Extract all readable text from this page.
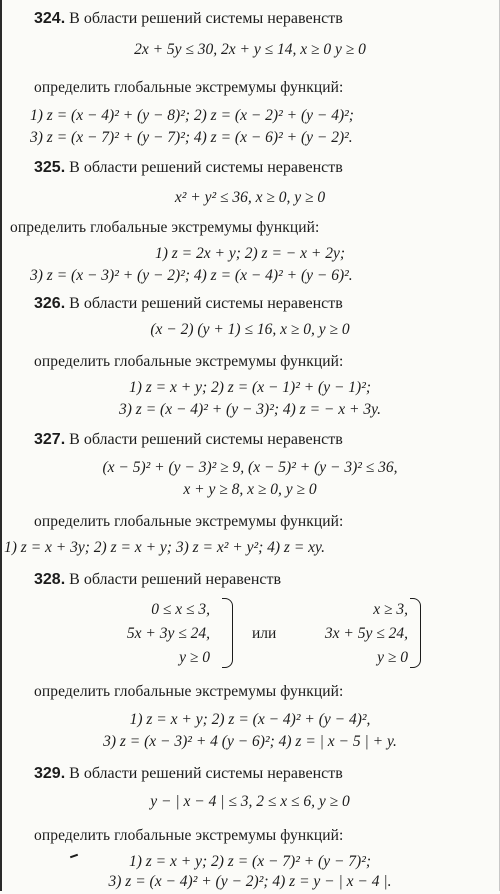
324. В области решений системы неравенств
2x + 5y ≤ 30, 2x + y ≤ 14, x ≥ 0 y ≥ 0
определить глобальные экстремумы функций:
1) z = (x − 4)² + (y − 8)²; 2) z = (x − 2)² + (y − 4)²;
3) z = (x − 7)² + (y − 7)²; 4) z = (x − 6)² + (y − 2)².
325. В области решений системы неравенств
x² + y² ≤ 36, x ≥ 0, y ≥ 0
определить глобальные экстремумы функций:
1) z = 2x + y; 2) z = − x + 2y;
3) z = (x − 3)² + (y − 2)²; 4) z = (x − 4)² + (y − 6)².
326. В области решений системы неравенств
(x − 2) (y + 1) ≤ 16, x ≥ 0, y ≥ 0
определить глобальные экстремумы функций:
1) z = x + y; 2) z = (x − 1)² + (y − 1)²;
3) z = (x − 4)² + (y − 3)²; 4) z = − x + 3y.
327. В области решений системы неравенств
(x − 5)² + (y − 3)² ≥ 9, (x − 5)² + (y − 3)² ≤ 36,
x + y ≥ 8, x ≥ 0, y ≥ 0
определить глобальные экстремумы функций:
1) z = x + 3y; 2) z = x + y; 3) z = x² + y²; 4) z = xy.
328. В области решений неравенств
0 ≤ x ≤ 3,
5x + 3y ≤ 24,
y ≥ 0
или
x ≥ 3,
3x + 5y ≤ 24,
y ≥ 0
определить глобальные экстремумы функций:
1) z = x + y; 2) z = (x − 4)² + (y − 4)²,
3) z = (x − 3)² + 4 (y − 6)²; 4) z = | x − 5 | + y.
329. В области решений системы неравенств
y − | x − 4 | ≤ 3, 2 ≤ x ≤ 6, y ≥ 0
определить глобальные экстремумы функций:
1) z = x + y; 2) z = (x − 7)² + (y − 7)²;
3) z = (x − 4)² + (y − 2)²; 4) z = y − | x − 4 |.
